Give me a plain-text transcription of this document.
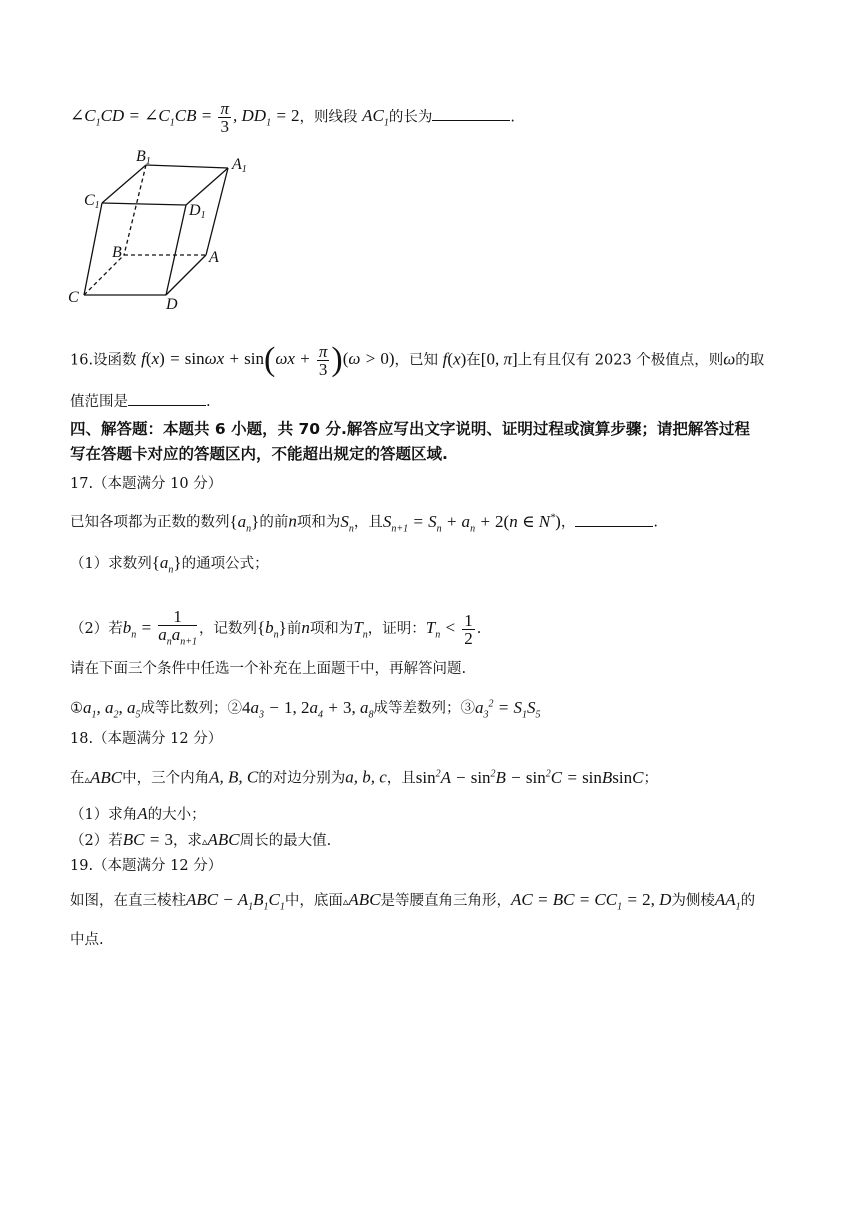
$\angle C_1CD$ = $\angle C_1CB = \frac{\pi}{3}$ , $DD_1 = 2$，则线段 $AC_1$的长为	.
B1	A1
C1	D1
B	A
C	D
16.设函数 $f(x) = \sin\omega x + \sin(\omega x + \frac{\pi}{3} )(\omega > 0)$，已知 f(x)在[0, π]上有且仅有 2023 个极值点，则ω的取
值范围是	.
四、解答题：本题共 6 小题，共 70 分.解答应写出文字说明、证明过程或演算步骤；请把解答过程
写在答题卡对应的答题区内，不能超出规定的答题区域.
17.（本题满分 10 分）
已知各项都为正数的数列$\{a_n\}$的前n项和为$S_n$，且$S_{n+1} = S_n + a_n + 2(n$ ∈ N*)，	.
（1）求数列$\{a_n\}$的通项公式；
（2）若$b_n = \frac{1}{a_na_{n+1}}$ ，记数列$\{b_n\}$前n项和为$T_n$，证明：$T_n < \frac{1}{2}$ .
请在下面三个条件中任选一个补充在上面题干中，再解答问题.
$①a_1$, $a_2$, $a_5$成等比数列；$②4a_3 - 1$, $2a_4 + 3$, $a_8$成等差数列；$③a_3^2 = S_1S_5$
18.（本题满分 12 分）
在▵ABC中，三个内角A, B, C的对边分别为a, b, c，且$\sin^2A - \sin^2B - \sin^2C$ = sinBsinC；
（1）求角A的大小；
（2）若BC = 3，求▵ABC周长的最大值.
19.（本题满分 12 分）
如图，在直三棱柱ABC − $A_1B_1C_1$中，底面▵ABC是等腰直角三角形，AC = BC = $CC_1 = 2$, D为侧棱$AA_1$的
中点.
